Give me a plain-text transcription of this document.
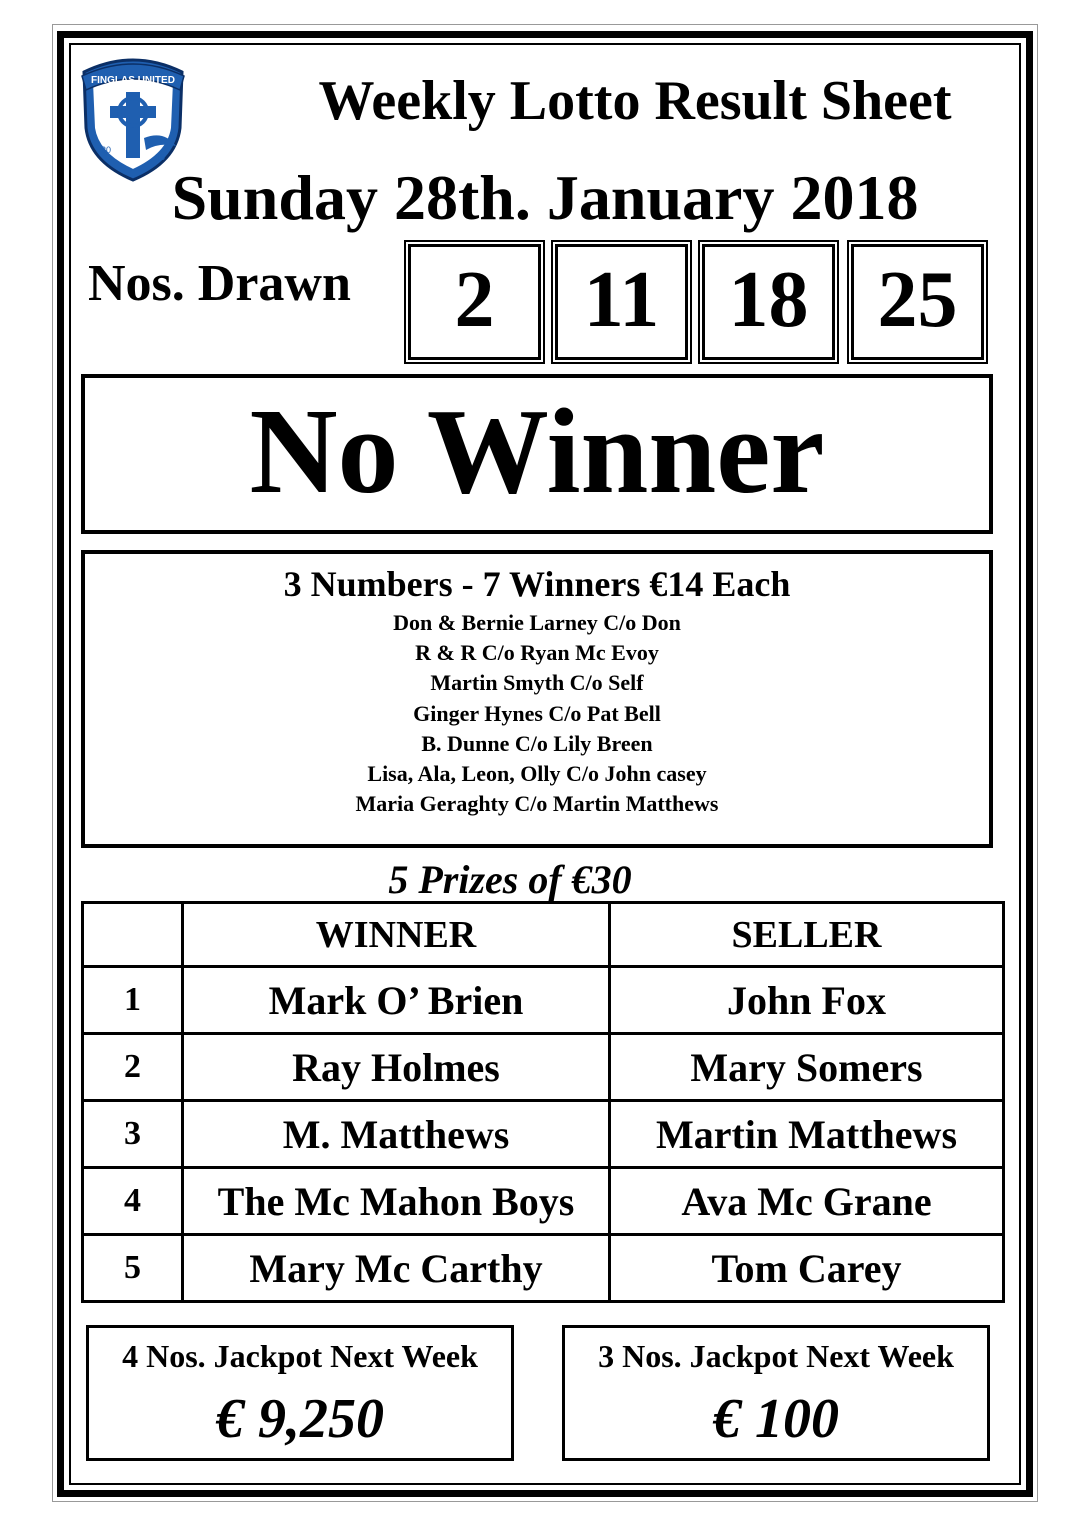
FINGLAS UNITED
20
15
Weekly Lotto Result Sheet
Sunday 28th. January 2018
Nos. Drawn	2	11 18 25
No Winner
3 Numbers - 7 Winners €14 Each
Don & Bernie Larney C/o Don
R & R C/o Ryan Mc Evoy
Martin Smyth C/o Self
Ginger Hynes C/o Pat Bell
B. Dunne C/o Lily Breen
Lisa, Ala, Leon, Olly C/o John casey
Maria Geraghty C/o Martin Matthews
5 Prizes of €30
	WINNER	SELLER
1	Mark O’ Brien	John Fox
2	Ray Holmes	Mary Somers
3	M. Matthews	Martin Matthews
4	The Mc Mahon Boys	Ava Mc Grane
5	Mary Mc Carthy	Tom Carey
4 Nos. Jackpot Next Week
€ 9,250
3 Nos. Jackpot Next Week
€ 100
